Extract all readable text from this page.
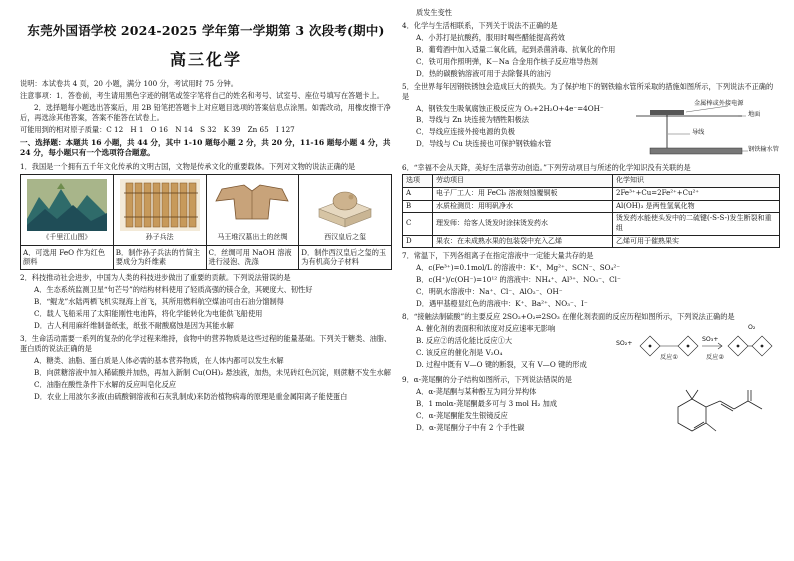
东莞外国语学校 2024-2025 学年第一学期第 3 次段考(期中)
高三化学

说明：本试卷共 4 页，20 小题，满分 100 分，考试用时 75 分钟。

注意事项：1．答卷前，考生请用黑色字迹的钢笔或签字笔将自己的姓名和考号、试室号、座位号填写在答题卡上。

2．选择题每小题选出答案后，用 2B 铅笔把答题卡上对应题目选项的答案信息点涂黑。如需改动，用橡皮擦干净后，再选涂其他答案，答案不能答在试卷上。

可能用到的相对原子质量：C 12　H 1　O 16　N 14　S 32　K 39　Zn 65　I 127

一、选择题：本题共 16 小题，共 44 分，其中 1-10 题每小题 2 分，共 20 分，11-16 题每小题 4 分，共 24 分，每小题只有一个选项符合题意。

1．我国是一个拥有五千年文化传承的文明古国，文物是传承文化的重要载体。下列对文物的说法正确的是

《千里江山图》	孙子兵法	马王堆汉墓出土的丝绸	西汉皇后之玺

A．可选用 FeO 作为红色颜料	B．制作孙子兵法的竹简主要成分为纤维素	C．丝绸可用 NaOH 溶液进行浸泡、洗涤	D．制作西汉皇后之玺的玉为有机高分子材料

2．科技推动社会进步，中国为人类的科技进步做出了重要的贡献。下列说法错误的是

A．生态系统监测卫星“句芒号”的结构材料使用了轻质高强的镁合金，其硬度大、韧性好

B．“鲲龙”水陆两栖飞机实现海上首飞，其所用燃料航空煤油可由石油分馏制得

C．载人飞船采用了太阳能刚性电池阵，将化学能转化为电能供飞船使用

D．古人利用麻纤维制备纸张，纸张不耐酸腐蚀是因为其能水解

3．生命活动需要一系列的复杂的化学过程来维持，食物中的营养物质是这些过程的能量基础。下列关于糖类、油脂、蛋白质的说法正确的是

A．糖类、油脂、蛋白质是人体必需的基本营养物质，在人体内都可以发生水解

B．向蔗糖溶液中加入稀硫酸并加热，再加入新制 Cu(OH)₂ 悬浊液，加热，未见砖红色沉淀，则蔗糖不发生水解

C．油脂在酸性条件下水解的反应叫皂化反应

D．农业上用波尔多液(由硫酸铜溶液和石灰乳制成)来防治植物病毒的原理是重金属阳离子能使蛋白

质发生变性

4．化学与生活相联系，下列关于说法不正确的是

A．小苏打是抗酸药，服用时喝些醋能提高药效

B．葡萄酒中加入适量二氧化硫，起到杀菌消毒、抗氧化的作用

C．铁可用作照明弹，K－Na 合金用作核子反应堆导热剂

D．热的碳酸钠溶液可用于去除餐具的油污

5．全世界每年因钢铁锈蚀会造成巨大的损失。为了保护地下的钢铁输水管所采取的措施如图所示，下列说法不正确的是

A．钢铁发生吸氧腐蚀正极反应为 O₂+2H₂O+4e⁻=4OH⁻

B．导线与 Zn 块连接为牺牲阳极法

C．导线应连接外接电源的负极

D．导线与 Cu 块连接也可保护钢铁输水管

金属棒或外接电源
地面
导线
钢铁输水管

6．“幸福不会从天降，美好生活靠劳动创造。”下列劳动项目与所述的化学知识没有关联的是

选项	劳动项目	化学知识
A	电子厂工人：用 FeCl₃ 溶液刻蚀覆铜板	2Fe³⁺+Cu=2Fe²⁺+Cu²⁺
B	水质检测员：用明矾净水	Al(OH)₃ 是两性氢氧化物
C	理发师：给客人烫发时涂抹烫发药水	烫发药水能使头发中的二硫键(-S-S-)发生断裂和重组
D	果农：在未成熟水果的包装袋中充入乙烯	乙烯可用于催熟果实

7．常温下，下列各组离子在指定溶液中一定能大量共存的是

A．c(Fe³⁺)=0.1mol/L 的溶液中：K⁺、Mg²⁺、SCN⁻、SO₄²⁻

B．c(H⁺)/c(OH⁻)=10¹² 的溶液中：NH₄⁺、Al³⁺、NO₃⁻、Cl⁻

C．明矾水溶液中：Na⁺、Cl⁻、AlO₂⁻、OH⁻

D．遇甲基橙显红色的溶液中：K⁺、Ba²⁺、NO₃⁻、I⁻

8．“接触法制硫酸”的主要反应 2SO₂+O₂⇌2SO₃ 在催化剂表面的反应历程如图所示，下列说法正确的是

A. 催化剂的表面积和浓度对反应速率无影响

B. 反应②的活化能比反应①大

C. 该反应的催化剂是 V₂O₄

D. 过程中既有 V—O 键的断裂，又有 V—O 键的形成

SO₂+
SO₃+
O₂
反应①	反应②

9．α-荛尾酮的分子结构如图所示，下列说法错误的是

A．α-荛尾酮与某种酚互为同分异构体

B．1 molα-荛尾酮最多可与 3 mol H₂ 加成

C．α-荛尾酮能发生银镜反应

D．α-荛尾酮分子中有 2 个手性碳
